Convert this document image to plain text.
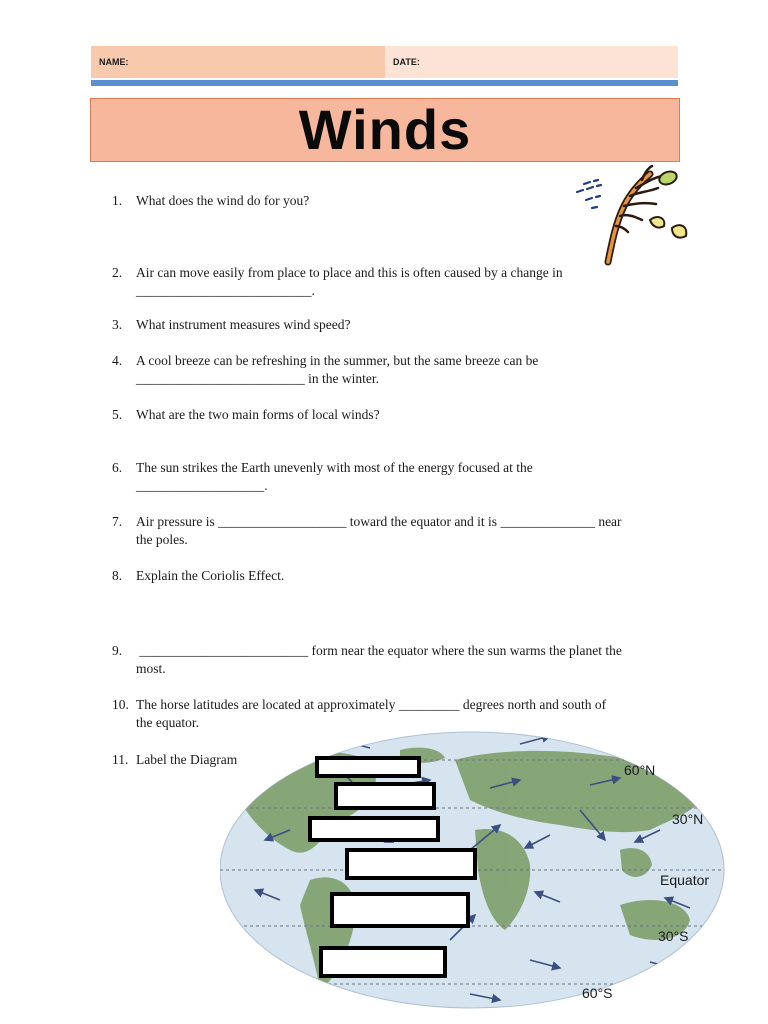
NAME:	DATE:
Winds
1. What does the wind do for you?
2. Air can move easily from place to place and this is often caused by a change in
__________________________.
3. What instrument measures wind speed?
4. A cool breeze can be refreshing in the summer, but the same breeze can be
_________________________ in the winter.
5. What are the two main forms of local winds?
6. The sun strikes the Earth unevenly with most of the energy focused at the
___________________.
7. Air pressure is ___________________ toward the equator and it is ______________ near
the poles.
8. Explain the Coriolis Effect.
9. _________________________ form near the equator where the sun warms the planet the
most.
10. The horse latitudes are located at approximately _________ degrees north and south of
the equator.
11. Label the Diagram
60°N
30°N
Equator
30°S
60°S
